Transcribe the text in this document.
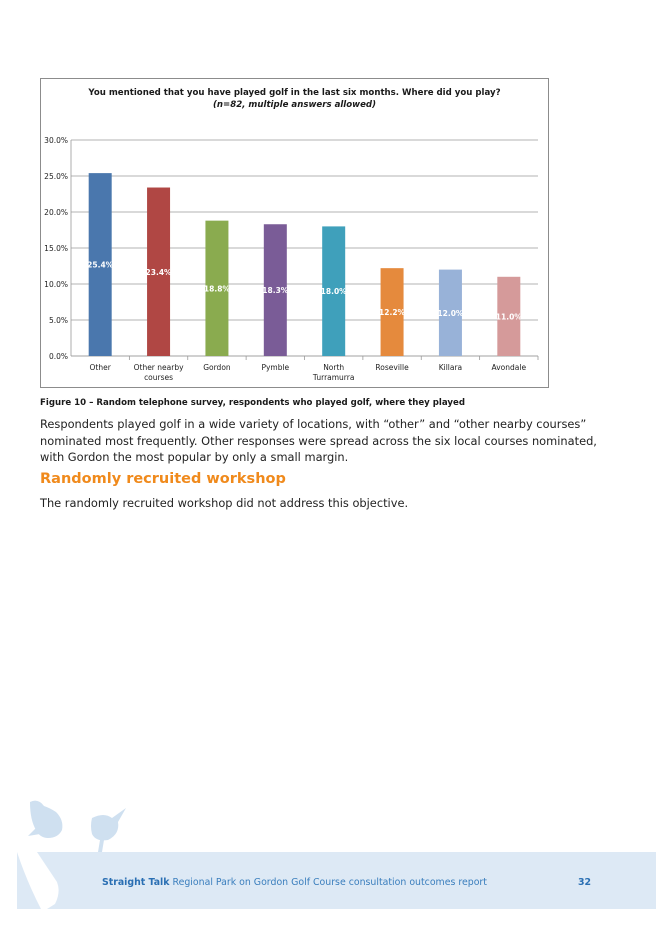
You mentioned that you have played golf in the last six months. Where did you play?
(n=82, multiple answers allowed)
0.0%
5.0%
10.0%
15.0%
20.0%
25.0%
30.0%
25.4%
Other
23.4%
Other nearby
courses
18.8%
Gordon
18.3%
Pymble
18.0%
North
Turramurra
12.2%
Roseville
12.0%
Killara
11.0%
Avondale
Figure 10 – Random telephone survey, respondents who played golf, where they played
Respondents played golf in a wide variety of locations, with “other” and “other nearby courses” nominated most frequently. Other responses were spread across the six local courses nominated, with Gordon the most popular by only a small margin.
Randomly recruited workshop
The randomly recruited workshop did not address this objective.
Straight Talk Regional Park on Gordon Golf Course consultation outcomes report	32
